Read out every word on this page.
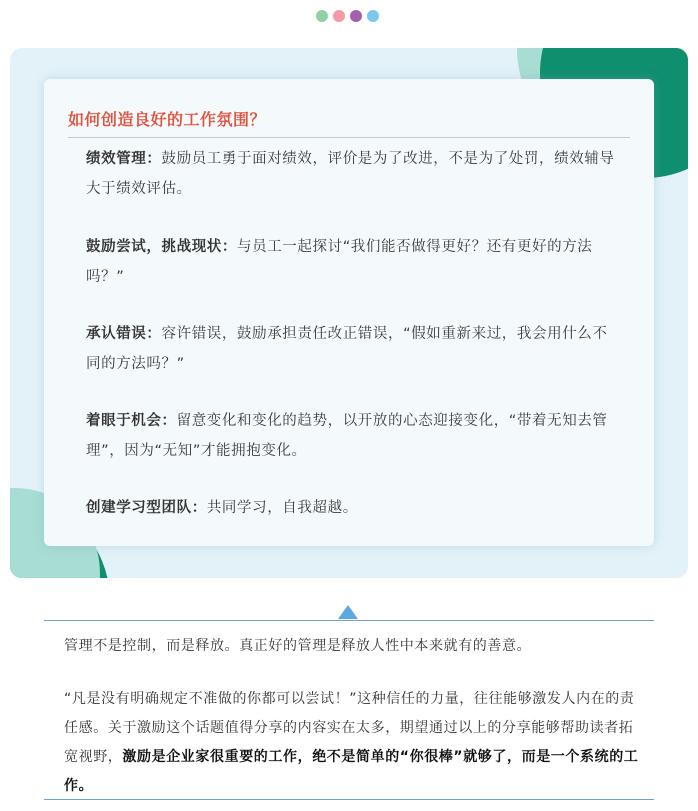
如何创造良好的工作氛围？
绩效管理：鼓励员工勇于面对绩效，评价是为了改进，不是为了处罚，绩效辅导大于绩效评估。
鼓励尝试，挑战现状：与员工一起探讨“我们能否做得更好？还有更好的方法吗？”
承认错误：容许错误，鼓励承担责任改正错误，“假如重新来过，我会用什么不同的方法吗？”
着眼于机会：留意变化和变化的趋势，以开放的心态迎接变化，“带着无知去管理”，因为“无知”才能拥抱变化。
创建学习型团队：共同学习，自我超越。
管理不是控制，而是释放。真正好的管理是释放人性中本来就有的善意。
“凡是没有明确规定不准做的你都可以尝试！”这种信任的力量，往往能够激发人内在的责任感。关于激励这个话题值得分享的内容实在太多，期望通过以上的分享能够帮助读者拓宽视野，激励是企业家很重要的工作，绝不是简单的“你很棒”就够了，而是一个系统的工作。
